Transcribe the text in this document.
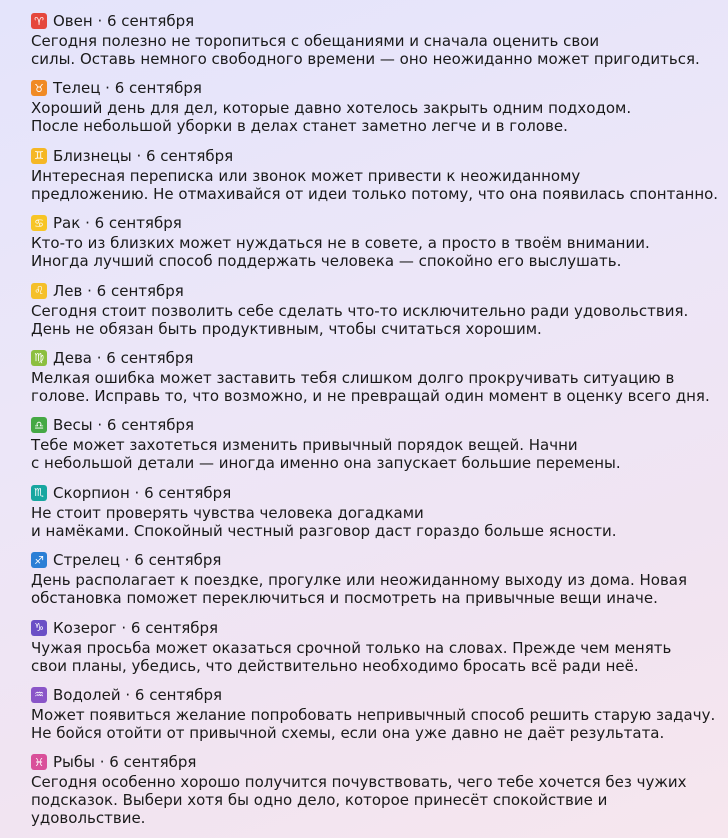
♈ Овен · 6 сентября
Сегодня полезно не торопиться с обещаниями и сначала оценить свои
силы. Оставь немного свободного времени — оно неожиданно может пригодиться.
♉ Телец · 6 сентября
Хороший день для дел, которые давно хотелось закрыть одним подходом.
После небольшой уборки в делах станет заметно легче и в голове.
♊ Близнецы · 6 сентября
Интересная переписка или звонок может привести к неожиданному
предложению. Не отмахивайся от идеи только потому, что она появилась спонтанно.
♋ Рак · 6 сентября
Кто-то из близких может нуждаться не в совете, а просто в твоём внимании.
Иногда лучший способ поддержать человека — спокойно его выслушать.
♌ Лев · 6 сентября
Сегодня стоит позволить себе сделать что-то исключительно ради удовольствия.
День не обязан быть продуктивным, чтобы считаться хорошим.
♍ Дева · 6 сентября
Мелкая ошибка может заставить тебя слишком долго прокручивать ситуацию в
голове. Исправь то, что возможно, и не превращай один момент в оценку всего дня.
♎ Весы · 6 сентября
Тебе может захотеться изменить привычный порядок вещей. Начни
с небольшой детали — иногда именно она запускает большие перемены.
♏ Скорпион · 6 сентября
Не стоит проверять чувства человека догадками
и намёками. Спокойный честный разговор даст гораздо больше ясности.
♐ Стрелец · 6 сентября
День располагает к поездке, прогулке или неожиданному выходу из дома. Новая
обстановка поможет переключиться и посмотреть на привычные вещи иначе.
♑ Козерог · 6 сентября
Чужая просьба может оказаться срочной только на словах. Прежде чем менять
свои планы, убедись, что действительно необходимо бросать всё ради неё.
♒ Водолей · 6 сентября
Может появиться желание попробовать непривычный способ решить старую задачу.
Не бойся отойти от привычной схемы, если она уже давно не даёт результата.
♓ Рыбы · 6 сентября
Сегодня особенно хорошо получится почувствовать, чего тебе хочется без чужих
подсказок. Выбери хотя бы одно дело, которое принесёт спокойствие и удовольствие.
